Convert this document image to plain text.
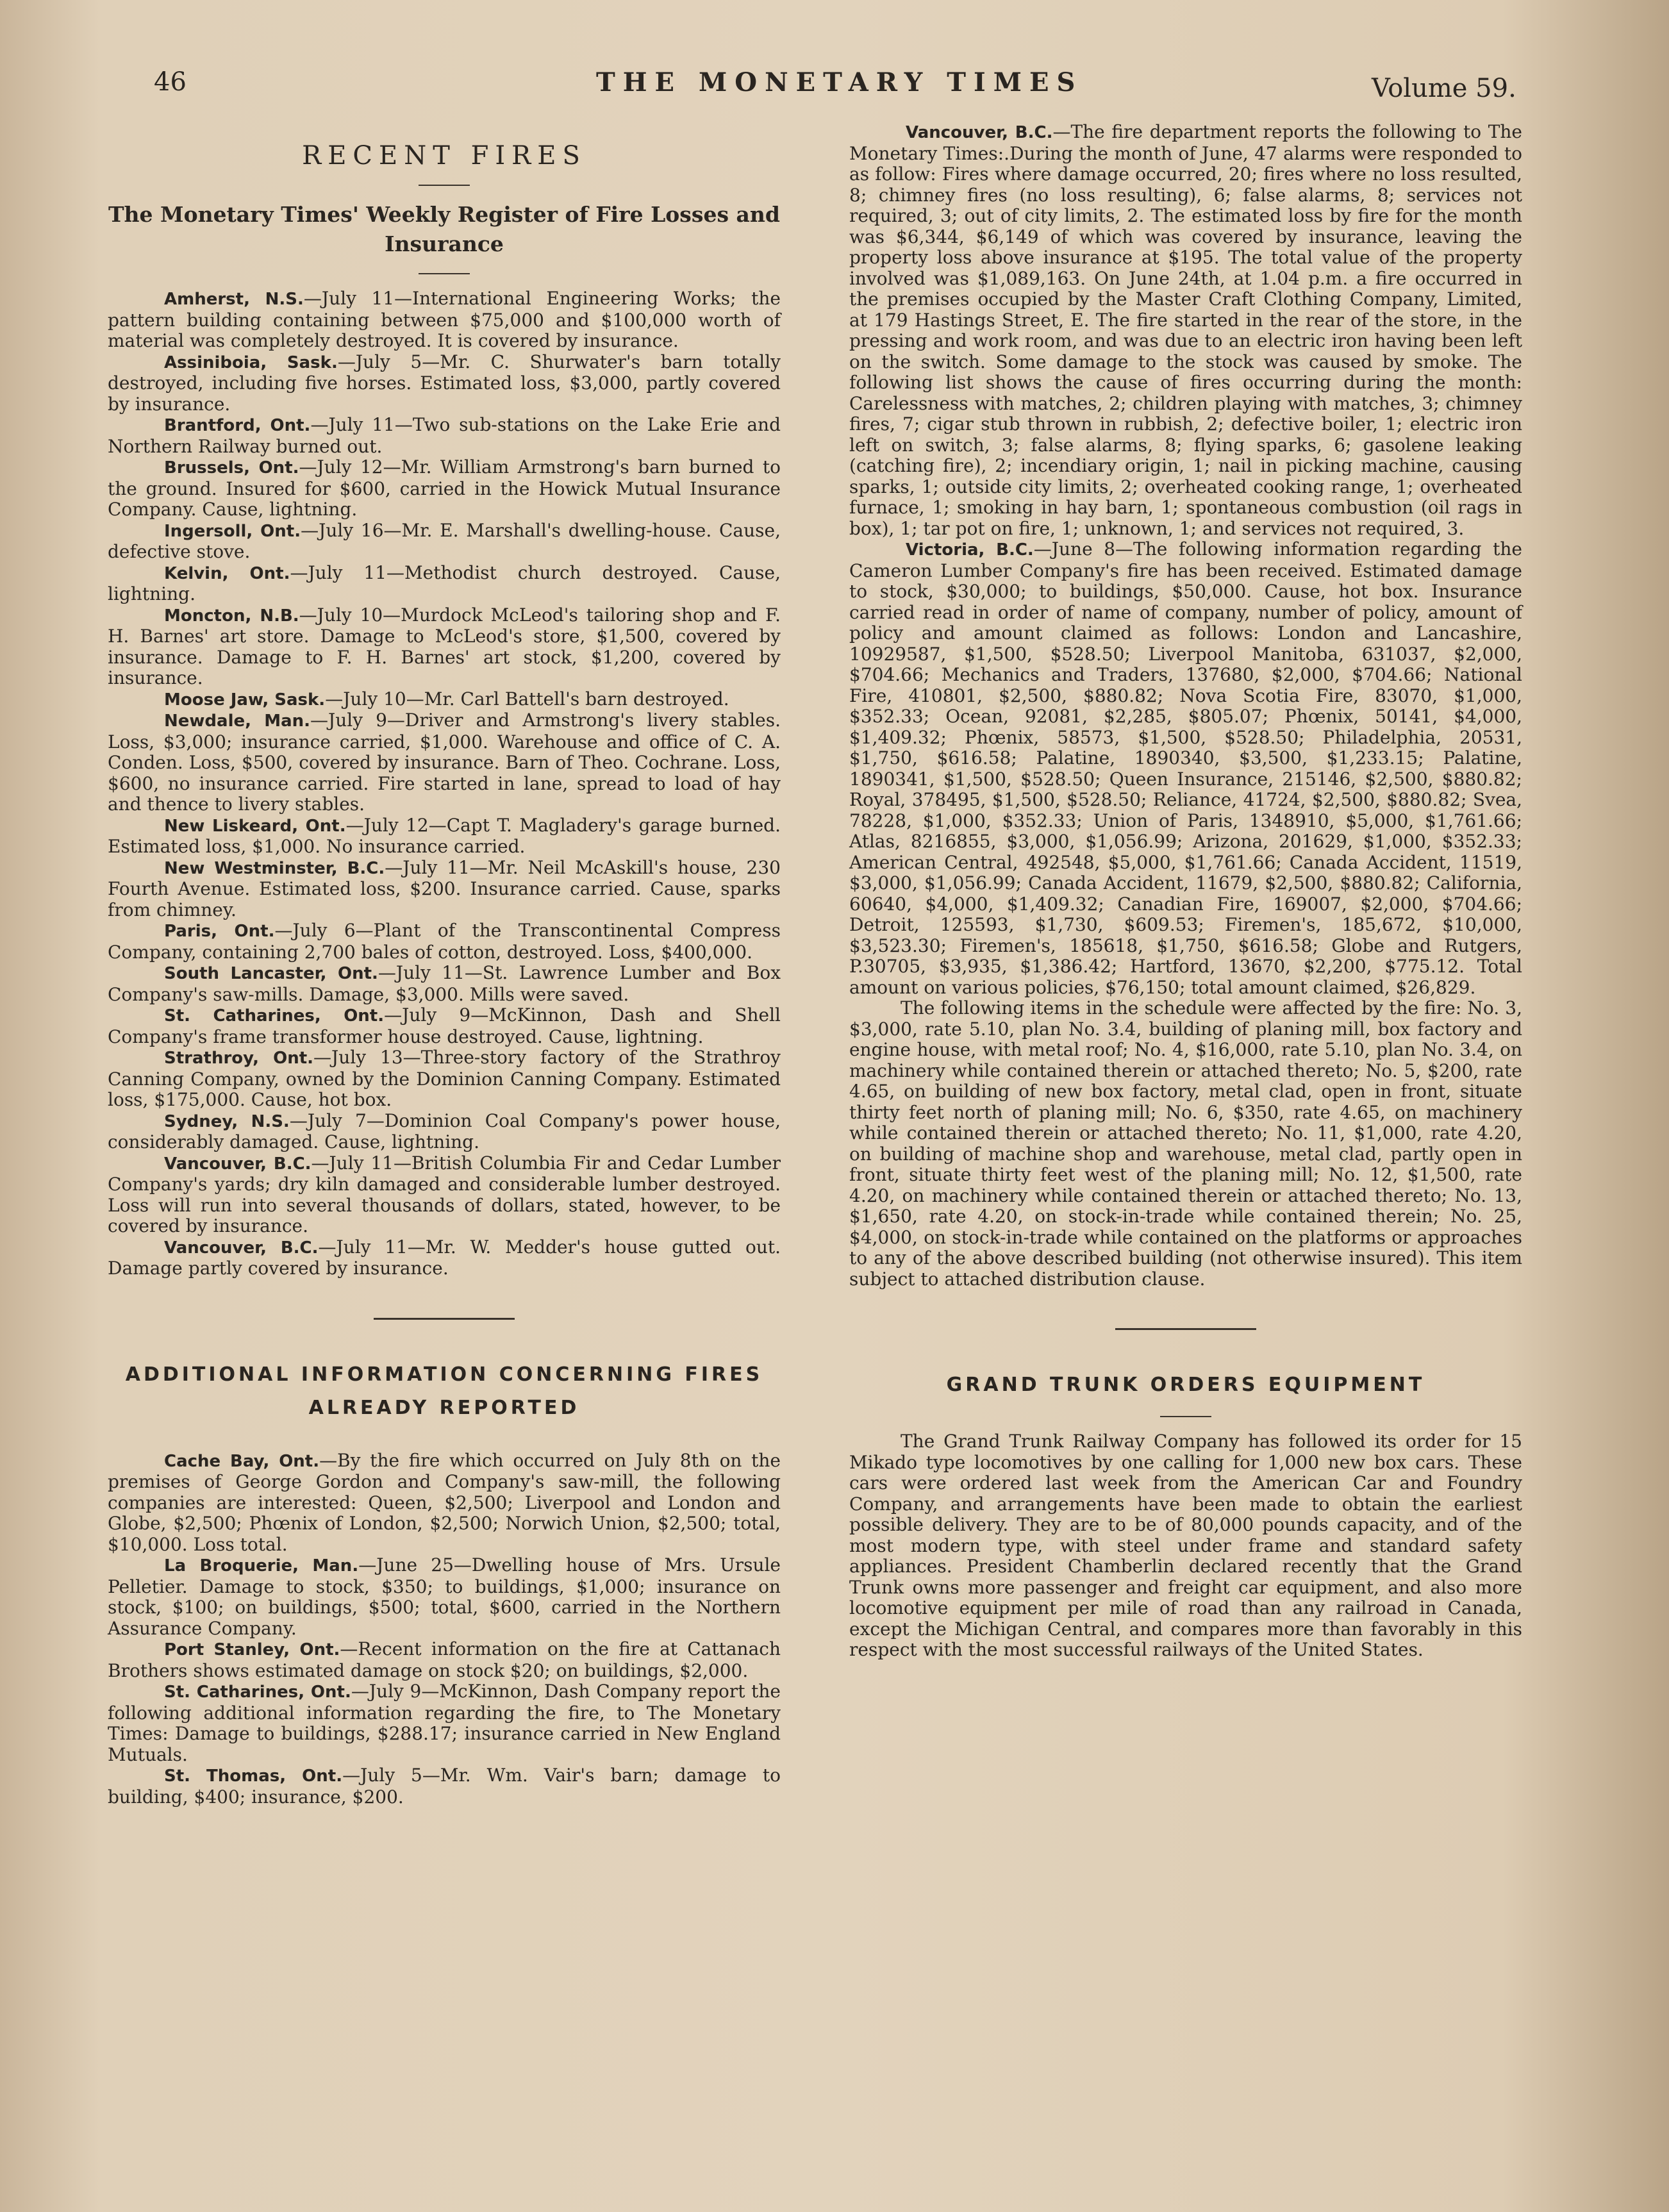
46	THE MONETARY TIMES	Volume 59.
RECENT FIRES
The Monetary Times' Weekly Register of Fire Losses and Insurance

Amherst, N.S.—July 11—International Engineering Works; the pattern building containing between $75,000 and $100,000 worth of material was completely destroyed. It is covered by insurance.

Assiniboia, Sask.—July 5—Mr. C. Shurwater's barn totally destroyed, including five horses. Estimated loss, $3,000, partly covered by insurance.

Brantford, Ont.—July 11—Two sub-stations on the Lake Erie and Northern Railway burned out.

Brussels, Ont.—July 12—Mr. William Armstrong's barn burned to the ground. Insured for $600, carried in the Howick Mutual Insurance Company. Cause, lightning.

Ingersoll, Ont.—July 16—Mr. E. Marshall's dwelling-house. Cause, defective stove.

Kelvin, Ont.—July 11—Methodist church destroyed. Cause, lightning.

Moncton, N.B.—July 10—Murdock McLeod's tailoring shop and F. H. Barnes' art store. Damage to McLeod's store, $1,500, covered by insurance. Damage to F. H. Barnes' art stock, $1,200, covered by insurance.

Moose Jaw, Sask.—July 10—Mr. Carl Battell's barn destroyed.

Newdale, Man.—July 9—Driver and Armstrong's livery stables. Loss, $3,000; insurance carried, $1,000. Warehouse and office of C. A. Conden. Loss, $500, covered by insurance. Barn of Theo. Cochrane. Loss, $600, no insurance carried. Fire started in lane, spread to load of hay and thence to livery stables.

New Liskeard, Ont.—July 12—Capt T. Magladery's garage burned. Estimated loss, $1,000. No insurance carried.

New Westminster, B.C.—July 11—Mr. Neil McAskill's house, 230 Fourth Avenue. Estimated loss, $200. Insurance carried. Cause, sparks from chimney.

Paris, Ont.—July 6—Plant of the Transcontinental Compress Company, containing 2,700 bales of cotton, destroyed. Loss, $400,000.

South Lancaster, Ont.—July 11—St. Lawrence Lumber and Box Company's saw-mills. Damage, $3,000. Mills were saved.

St. Catharines, Ont.—July 9—McKinnon, Dash and Shell Company's frame transformer house destroyed. Cause, lightning.

Strathroy, Ont.—July 13—Three-story factory of the Strathroy Canning Company, owned by the Dominion Canning Company. Estimated loss, $175,000. Cause, hot box.

Sydney, N.S.—July 7—Dominion Coal Company's power house, considerably damaged. Cause, lightning.

Vancouver, B.C.—July 11—British Columbia Fir and Cedar Lumber Company's yards; dry kiln damaged and considerable lumber destroyed. Loss will run into several thousands of dollars, stated, however, to be covered by insurance.

Vancouver, B.C.—July 11—Mr. W. Medder's house gutted out. Damage partly covered by insurance.

ADDITIONAL INFORMATION CONCERNING FIRES ALREADY REPORTED

Cache Bay, Ont.—By the fire which occurred on July 8th on the premises of George Gordon and Company's saw-mill, the following companies are interested: Queen, $2,500; Liverpool and London and Globe, $2,500; Phœnix of London, $2,500; Norwich Union, $2,500; total, $10,000. Loss total.

La Broquerie, Man.—June 25—Dwelling house of Mrs. Ursule Pelletier. Damage to stock, $350; to buildings, $1,000; insurance on stock, $100; on buildings, $500; total, $600, carried in the Northern Assurance Company.

Port Stanley, Ont.—Recent information on the fire at Cattanach Brothers shows estimated damage on stock $20; on buildings, $2,000.

St. Catharines, Ont.—July 9—McKinnon, Dash Company report the following additional information regarding the fire, to The Monetary Times: Damage to buildings, $288.17; insurance carried in New England Mutuals.

St. Thomas, Ont.—July 5—Mr. Wm. Vair's barn; damage to building, $400; insurance, $200.

Vancouver, B.C.—The fire department reports the following to The Monetary Times:.During the month of June, 47 alarms were responded to as follow: Fires where damage occurred, 20; fires where no loss resulted, 8; chimney fires (no loss resulting), 6; false alarms, 8; services not required, 3; out of city limits, 2. The estimated loss by fire for the month was $6,344, $6,149 of which was covered by insurance, leaving the property loss above insurance at $195. The total value of the property involved was $1,089,163. On June 24th, at 1.04 p.m. a fire occurred in the premises occupied by the Master Craft Clothing Company, Limited, at 179 Hastings Street, E. The fire started in the rear of the store, in the pressing and work room, and was due to an electric iron having been left on the switch. Some damage to the stock was caused by smoke. The following list shows the cause of fires occurring during the month: Carelessness with matches, 2; children playing with matches, 3; chimney fires, 7; cigar stub thrown in rubbish, 2; defective boiler, 1; electric iron left on switch, 3; false alarms, 8; flying sparks, 6; gasolene leaking (catching fire), 2; incendiary origin, 1; nail in picking machine, causing sparks, 1; outside city limits, 2; overheated cooking range, 1; overheated furnace, 1; smoking in hay barn, 1; spontaneous combustion (oil rags in box), 1; tar pot on fire, 1; unknown, 1; and services not required, 3.

Victoria, B.C.—June 8—The following information regarding the Cameron Lumber Company's fire has been received. Estimated damage to stock, $30,000; to buildings, $50,000. Cause, hot box. Insurance carried read in order of name of company, number of policy, amount of policy and amount claimed as follows: London and Lancashire, 10929587, $1,500, $528.50; Liverpool Manitoba, 631037, $2,000, $704.66; Mechanics and Traders, 137680, $2,000, $704.66; National Fire, 410801, $2,500, $880.82; Nova Scotia Fire, 83070, $1,000, $352.33; Ocean, 92081, $2,285, $805.07; Phœnix, 50141, $4,000, $1,409.32; Phœnix, 58573, $1,500, $528.50; Philadelphia, 20531, $1,750, $616.58; Palatine, 1890340, $3,500, $1,233.15; Palatine, 1890341, $1,500, $528.50; Queen Insurance, 215146, $2,500, $880.82; Royal, 378495, $1,500, $528.50; Reliance, 41724, $2,500, $880.82; Svea, 78228, $1,000, $352.33; Union of Paris, 1348910, $5,000, $1,761.66; Atlas, 8216855, $3,000, $1,056.99; Arizona, 201629, $1,000, $352.33; American Central, 492548, $5,000, $1,761.66; Canada Accident, 11519, $3,000, $1,056.99; Canada Accident, 11679, $2,500, $880.82; California, 60640, $4,000, $1,409.32; Canadian Fire, 169007, $2,000, $704.66; Detroit, 125593, $1,730, $609.53; Firemen's, 185,672, $10,000, $3,523.30; Firemen's, 185618, $1,750, $616.58; Globe and Rutgers, P.30705, $3,935, $1,386.42; Hartford, 13670, $2,200, $775.12. Total amount on various policies, $76,150; total amount claimed, $26,829.

The following items in the schedule were affected by the fire: No. 3, $3,000, rate 5.10, plan No. 3.4, building of planing mill, box factory and engine house, with metal roof; No. 4, $16,000, rate 5.10, plan No. 3.4, on machinery while contained therein or attached thereto; No. 5, $200, rate 4.65, on building of new box factory, metal clad, open in front, situate thirty feet north of planing mill; No. 6, $350, rate 4.65, on machinery while contained therein or attached thereto; No. 11, $1,000, rate 4.20, on building of machine shop and warehouse, metal clad, partly open in front, situate thirty feet west of the planing mill; No. 12, $1,500, rate 4.20, on machinery while contained therein or attached thereto; No. 13, $1,650, rate 4.20, on stock-in-trade while contained therein; No. 25, $4,000, on stock-in-trade while contained on the platforms or approaches to any of the above described building (not otherwise insured). This item subject to attached distribution clause.

GRAND TRUNK ORDERS EQUIPMENT

The Grand Trunk Railway Company has followed its order for 15 Mikado type locomotives by one calling for 1,000 new box cars. These cars were ordered last week from the American Car and Foundry Company, and arrangements have been made to obtain the earliest possible delivery. They are to be of 80,000 pounds capacity, and of the most modern type, with steel under frame and standard safety appliances. President Chamberlin declared recently that the Grand Trunk owns more passenger and freight car equipment, and also more locomotive equipment per mile of road than any railroad in Canada, except the Michigan Central, and compares more than favorably in this respect with the most successful railways of the United States.
